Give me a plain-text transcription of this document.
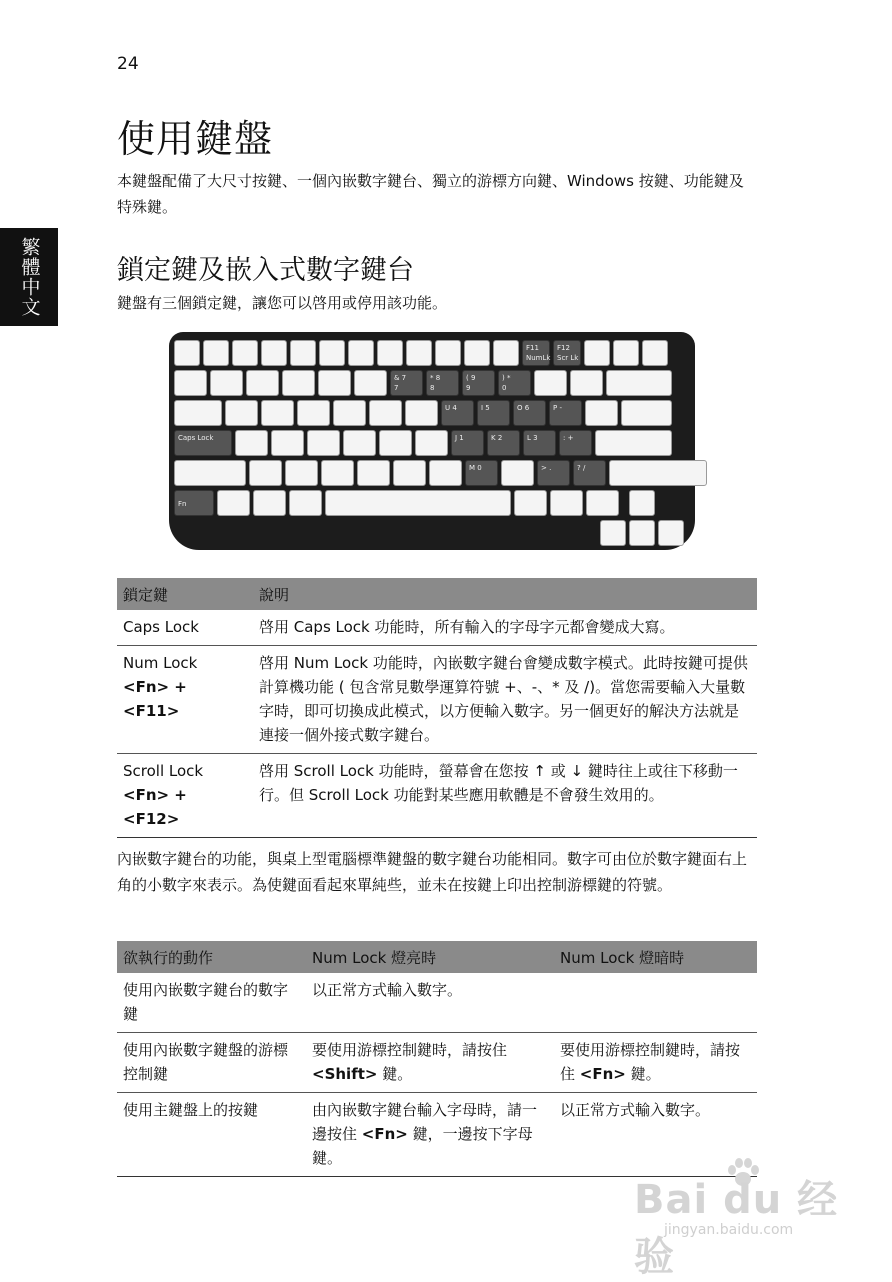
24
繁體中文
使用鍵盤

本鍵盤配備了大尺寸按鍵、一個內嵌數字鍵台、獨立的游標方向鍵、Windows 按鍵、功能鍵及特殊鍵。

鎖定鍵及嵌入式數字鍵台

鍵盤有三個鎖定鍵，讓您可以啓用或停用該功能。

F11
NumLk
F12
Scr Lk
& 7
7
* 8
8
( 9
9
) *
0
U 4	I 5	O 6	P -
Caps Lock	J 1	K 2	L 3	: +
M 0	> .	? /
Fn
鎖定鍵	說明

Caps Lock	啓用 Caps Lock 功能時，所有輸入的字母字元都會變成大寫。

Num Lock
<Fn> + <F11>	啓用 Num Lock 功能時，內嵌數字鍵台會變成數字模式。此時按鍵可提供計算機功能 ( 包含常見數學運算符號 +、-、* 及 /)。當您需要輸入大量數字時，即可切換成此模式，以方便輸入數字。另一個更好的解決方法就是連接一個外接式數字鍵台。

Scroll Lock
<Fn> + <F12>	啓用 Scroll Lock 功能時，螢幕會在您按 ↑ 或 ↓ 鍵時往上或往下移動一行。但 Scroll Lock 功能對某些應用軟體是不會發生效用的。

內嵌數字鍵台的功能，與桌上型電腦標準鍵盤的數字鍵台功能相同。數字可由位於數字鍵面右上角的小數字來表示。為使鍵面看起來單純些，並未在按鍵上印出控制游標鍵的符號。

欲執行的動作	Num Lock 燈亮時	Num Lock 燈暗時
使用內嵌數字鍵台的數字鍵	以正常方式輸入數字。	
使用內嵌數字鍵盤的游標控制鍵	要使用游標控制鍵時，請按住 <Shift> 鍵。	要使用游標控制鍵時，請按住 <Fn> 鍵。
使用主鍵盤上的按鍵	由內嵌數字鍵台輸入字母時，請一邊按住 <Fn> 鍵，一邊按下字母鍵。	以正常方式輸入數字。
Bai du 经验
jingyan.baidu.com
